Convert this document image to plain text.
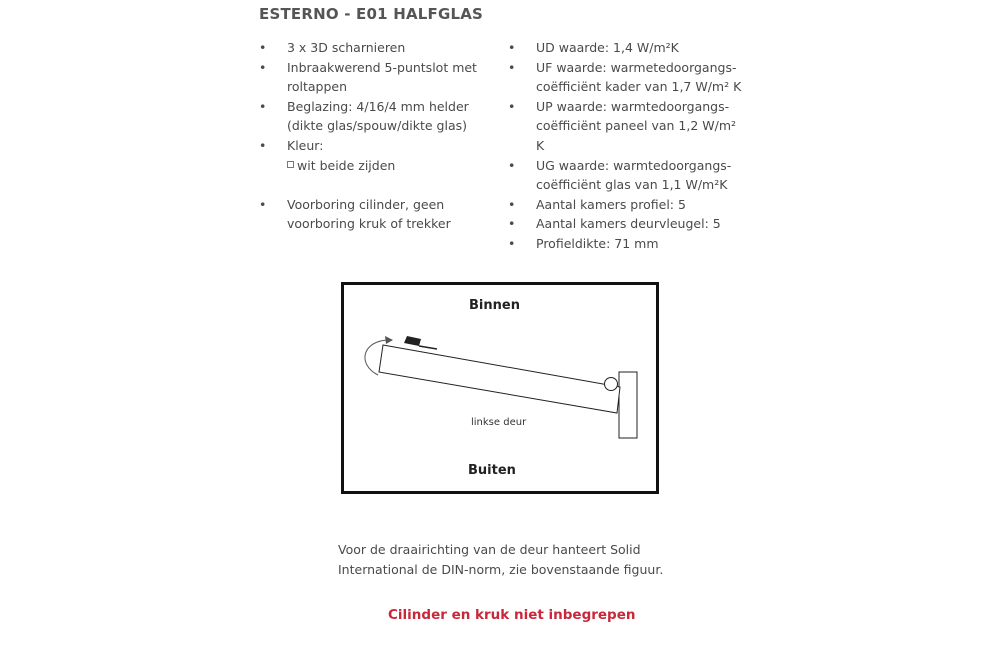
ESTERNO - E01 HALFGLAS
• 3 x 3D scharnieren
• Inbraakwerend 5-puntslot met roltappen
• Beglazing: 4/16/4 mm helder (dikte glas/spouw/dikte glas)
• Kleur:
wit beide zijden
• Voorboring cilinder, geen voorboring kruk of trekker
• UD waarde: 1,4 W/m²K
• UF waarde: warmetedoorgangs-coëfficiënt kader van 1,7 W/m² K
• UP waarde: warmtedoorgangs-coëfficiënt paneel van 1,2 W/m² K
• UG waarde: warmtedoorgangs-coëfficiënt glas van 1,1 W/m²K
• Aantal kamers profiel: 5
• Aantal kamers deurvleugel: 5
• Profieldikte: 71 mm
Binnen
linkse deur
Buiten
Voor de draairichting van de deur hanteert Solid International de DIN-norm, zie bovenstaande figuur.
Cilinder en kruk niet inbegrepen
